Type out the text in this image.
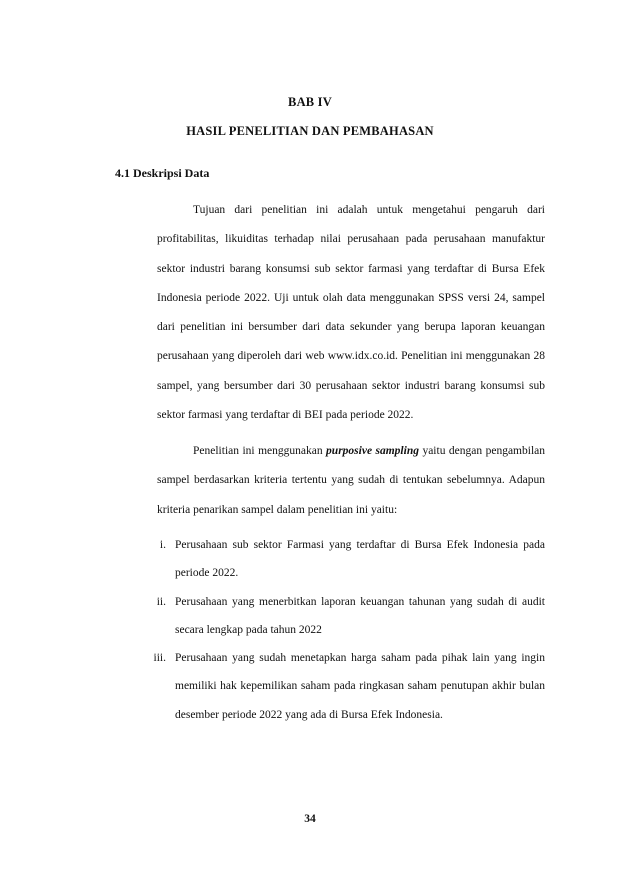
BAB IV
HASIL PENELITIAN DAN PEMBAHASAN
4.1 Deskripsi Data

Tujuan dari penelitian ini adalah untuk mengetahui pengaruh dari profitabilitas, likuiditas terhadap nilai perusahaan pada perusahaan manufaktur sektor industri barang konsumsi sub sektor farmasi yang terdaftar di Bursa Efek Indonesia periode 2022. Uji untuk olah data menggunakan SPSS versi 24, sampel dari penelitian ini bersumber dari data sekunder yang berupa laporan keuangan perusahaan yang diperoleh dari web www.idx.co.id. Penelitian ini menggunakan 28 sampel, yang bersumber dari 30 perusahaan sektor industri barang konsumsi sub sektor farmasi yang terdaftar di BEI pada periode 2022.

Penelitian ini menggunakan purposive sampling yaitu dengan pengambilan sampel berdasarkan kriteria tertentu yang sudah di tentukan sebelumnya. Adapun kriteria penarikan sampel dalam penelitian ini yaitu:

i. Perusahaan sub sektor Farmasi yang terdaftar di Bursa Efek Indonesia pada periode 2022.
ii. Perusahaan yang menerbitkan laporan keuangan tahunan yang sudah di audit secara lengkap pada tahun 2022
iii. Perusahaan yang sudah menetapkan harga saham pada pihak lain yang ingin memiliki hak kepemilikan saham pada ringkasan saham penutupan akhir bulan desember periode 2022 yang ada di Bursa Efek Indonesia.
34
